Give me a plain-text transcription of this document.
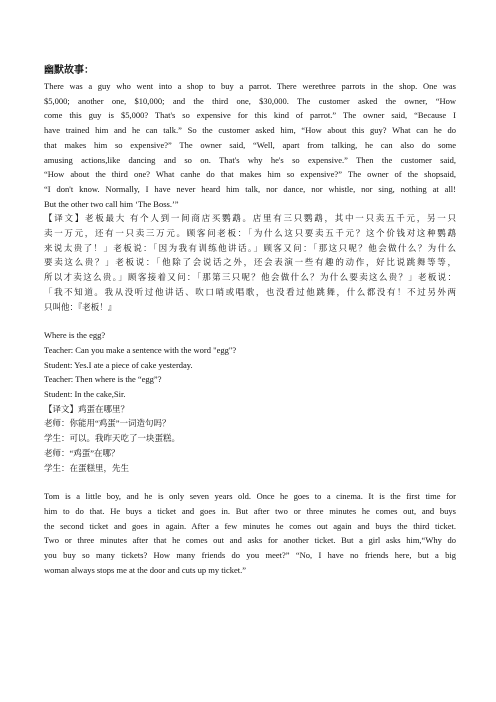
幽默故事：
There was a guy who went into a shop to buy a parrot. There werethree parrots in the shop. One was
$5,000; another one, $10,000; and the third one, $30,000. The customer asked the owner, “How
come this guy is $5,000? That's so expensive for this kind of parrot.” The owner said, “Because I
have trained him and he can talk.” So the customer asked him, “How about this guy? What can he do
that makes him so expensive?” The owner said, “Well, apart from talking, he can also do some
amusing actions,like dancing and so on. That's why he's so expensive.” Then the customer said,
“How about the third one? What canhe do that makes him so expensive?” The owner of the shopsaid,
“I don't know. Normally, I have never heard him talk, nor dance, nor whistle, nor sing, nothing at all!
But the other two call him ‘The Boss.’”
【译文】老板最大 有个人到一间商店买鹦鹉。店里有三只鹦鹉，其中一只卖五千元，另一只
卖一万元，还有一只卖三万元。顾客问老板：「为什么这只要卖五千元？这个价钱对这种鹦鹉
来说太贵了！」老板说：「因为我有训练他讲话。」顾客又问：「那这只呢？他会做什么？为什么
要卖这么贵？」老板说：「他除了会说话之外，还会表演一些有趣的动作，好比说跳舞等等，
所以才卖这么贵。」顾客接着又问：「那第三只呢？他会做什么？为什么要卖这么贵？」老板说：
「我不知道。我从没听过他讲话、吹口哨或唱歌，也没看过他跳舞，什么都没有！不过另外两
只叫他：『老板！』
Where is the egg?
Teacher: Can you make a sentence with the word "egg"?
Student: Yes.I ate a piece of cake yesterday.
Teacher: Then where is the “egg”?
Student: In the cake,Sir.
【译文】鸡蛋在哪里？
老师：你能用“鸡蛋”一词造句吗？
学生：可以。我昨天吃了一块蛋糕。
老师：“鸡蛋”在哪？
学生：在蛋糕里，先生
Tom is a little boy, and he is only seven years old. Once he goes to a cinema. It is the first time for
him to do that. He buys a ticket and goes in. But after two or three minutes he comes out, and buys
the second ticket and goes in again. After a few minutes he comes out again and buys the third ticket.
Two or three minutes after that he comes out and asks for another ticket. But a girl asks him,“Why do
you buy so many tickets? How many friends do you meet?” “No, I have no friends here, but a big
woman always stops me at the door and cuts up my ticket.”
